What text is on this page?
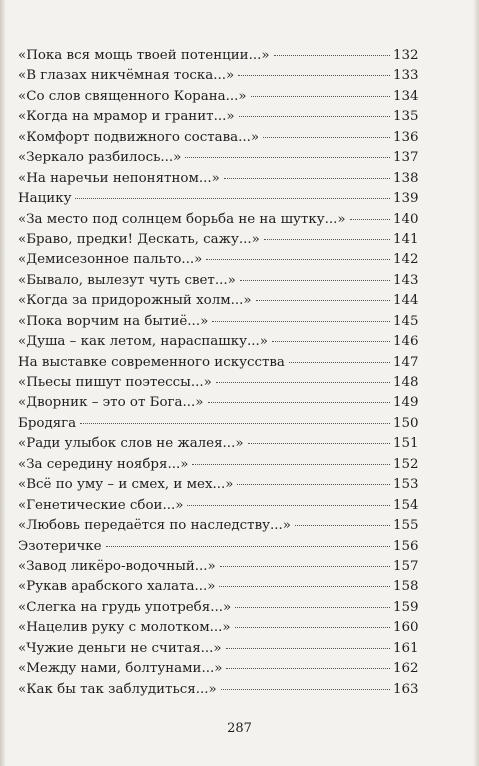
«Пока вся мощь твоей потенции...»	132
«В глазах никчёмная тоска...»	133
«Со слов священного Корана...»	134
«Когда на мрамор и гранит...»	135
«Комфорт подвижного состава...»	136
«Зеркало разбилось...»	137
«На наречьи непонятном...»	138
Нацику	139
«За место под солнцем борьба не на шутку...»	140
«Браво, предки! Дескать, сажу...»	141
«Демисезонное пальто...»	142
«Бывало, вылезут чуть свет...»	143
«Когда за придорожный холм...»	144
«Пока ворчим на бытиё...»	145
«Душа – как летом, нараспашку...»	146
На выставке современного искусства	147
«Пьесы пишут поэтессы...»	148
«Дворник – это от Бога...»	149
Бродяга	150
«Ради улыбок слов не жалея...»	151
«За середину ноября...»	152
«Всё по уму – и смех, и мех...»	153
«Генетические сбои...»	154
«Любовь передаётся по наследству...»	155
Эзотеричке	156
«Завод ликёро-водочный...»	157
«Рукав арабского халата...»	158
«Слегка на грудь употребя...»	159
«Нацелив руку с молотком...»	160
«Чужие деньги не считая...»	161
«Между нами, болтунами...»	162
«Как бы так заблудиться...»	163
287
